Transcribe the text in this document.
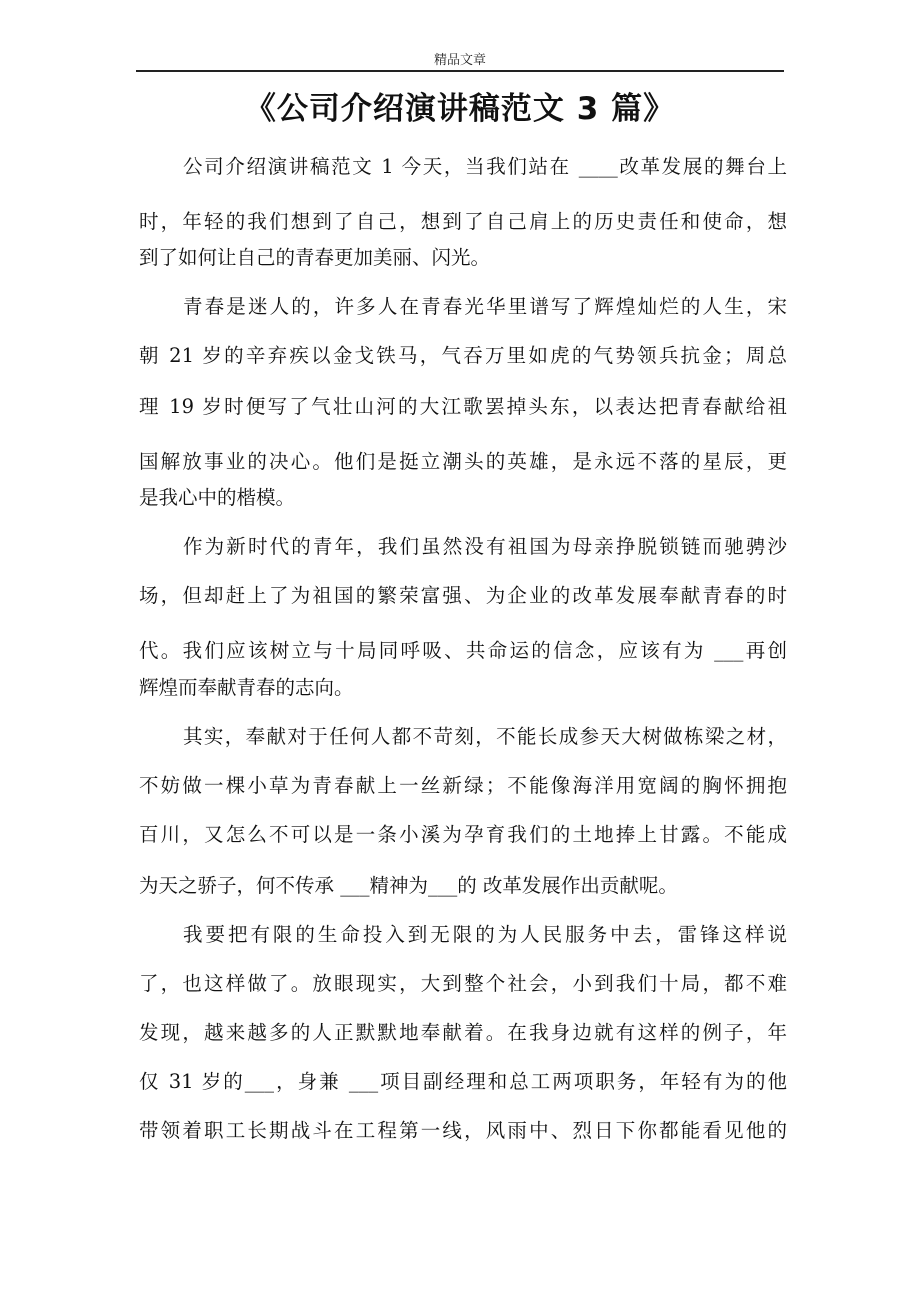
精品文章
《公司介绍演讲稿范文 3 篇》
公司介绍演讲稿范文 1 今天，当我们站在 ____改革发展的舞台上
时，年轻的我们想到了自己，想到了自己肩上的历史责任和使命，想
到了如何让自己的青春更加美丽、闪光。
青春是迷人的，许多人在青春光华里谱写了辉煌灿烂的人生，宋
朝 21 岁的辛弃疾以金戈铁马，气吞万里如虎的气势领兵抗金；周总
理 19 岁时便写了气壮山河的大江歌罢掉头东，以表达把青春献给祖
国解放事业的决心。他们是挺立潮头的英雄，是永远不落的星辰，更
是我心中的楷模。
作为新时代的青年，我们虽然没有祖国为母亲挣脱锁链而驰骋沙
场，但却赶上了为祖国的繁荣富强、为企业的改革发展奉献青春的时
代。我们应该树立与十局同呼吸、共命运的信念，应该有为 ___再创
辉煌而奉献青春的志向。
其实，奉献对于任何人都不苛刻，不能长成参天大树做栋梁之材，
不妨做一棵小草为青春献上一丝新绿；不能像海洋用宽阔的胸怀拥抱
百川，又怎么不可以是一条小溪为孕育我们的土地捧上甘露。不能成
为天之骄子，何不传承 ___精神为___的 改革发展作出贡献呢。
我要把有限的生命投入到无限的为人民服务中去，雷锋这样说
了，也这样做了。放眼现实，大到整个社会，小到我们十局，都不难
发现，越来越多的人正默默地奉献着。在我身边就有这样的例子，年
仅 31 岁的___，身兼 ___项目副经理和总工两项职务，年轻有为的他
带领着职工长期战斗在工程第一线，风雨中、烈日下你都能看见他的
